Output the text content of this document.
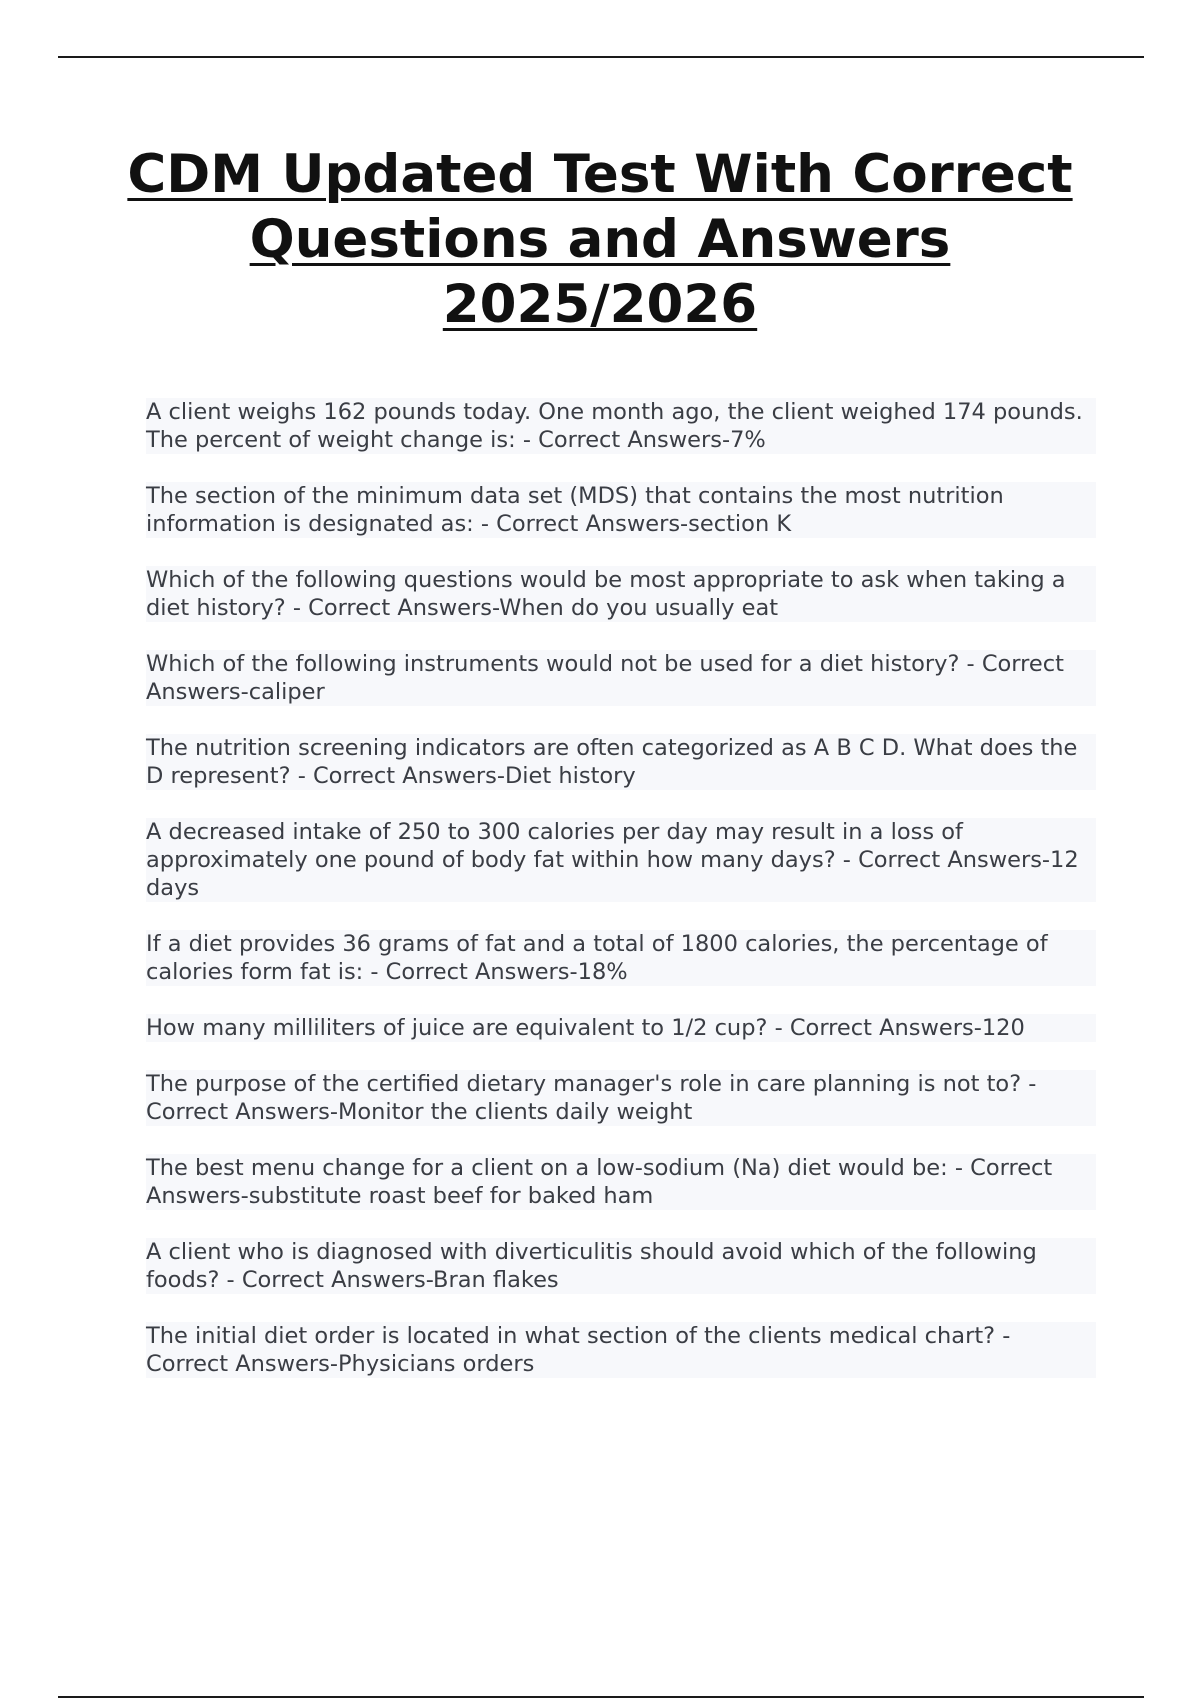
CDM Updated Test With Correct Questions and Answers 2025/2026
A client weighs 162 pounds today. One month ago, the client weighed 174 pounds. The percent of weight change is: - Correct Answers-7%
The section of the minimum data set (MDS) that contains the most nutrition information is designated as: - Correct Answers-section K
Which of the following questions would be most appropriate to ask when taking a diet history? - Correct Answers-When do you usually eat
Which of the following instruments would not be used for a diet history? - Correct Answers-caliper
The nutrition screening indicators are often categorized as A B C D. What does the D represent? - Correct Answers-Diet history
A decreased intake of 250 to 300 calories per day may result in a loss of approximately one pound of body fat within how many days? - Correct Answers-12 days
If a diet provides 36 grams of fat and a total of 1800 calories, the percentage of calories form fat is: - Correct Answers-18%
How many milliliters of juice are equivalent to 1/2 cup? - Correct Answers-120
The purpose of the certified dietary manager's role in care planning is not to? - Correct Answers-Monitor the clients daily weight
The best menu change for a client on a low-sodium (Na) diet would be: - Correct Answers-substitute roast beef for baked ham
A client who is diagnosed with diverticulitis should avoid which of the following foods? - Correct Answers-Bran flakes
The initial diet order is located in what section of the clients medical chart? - Correct Answers-Physicians orders
